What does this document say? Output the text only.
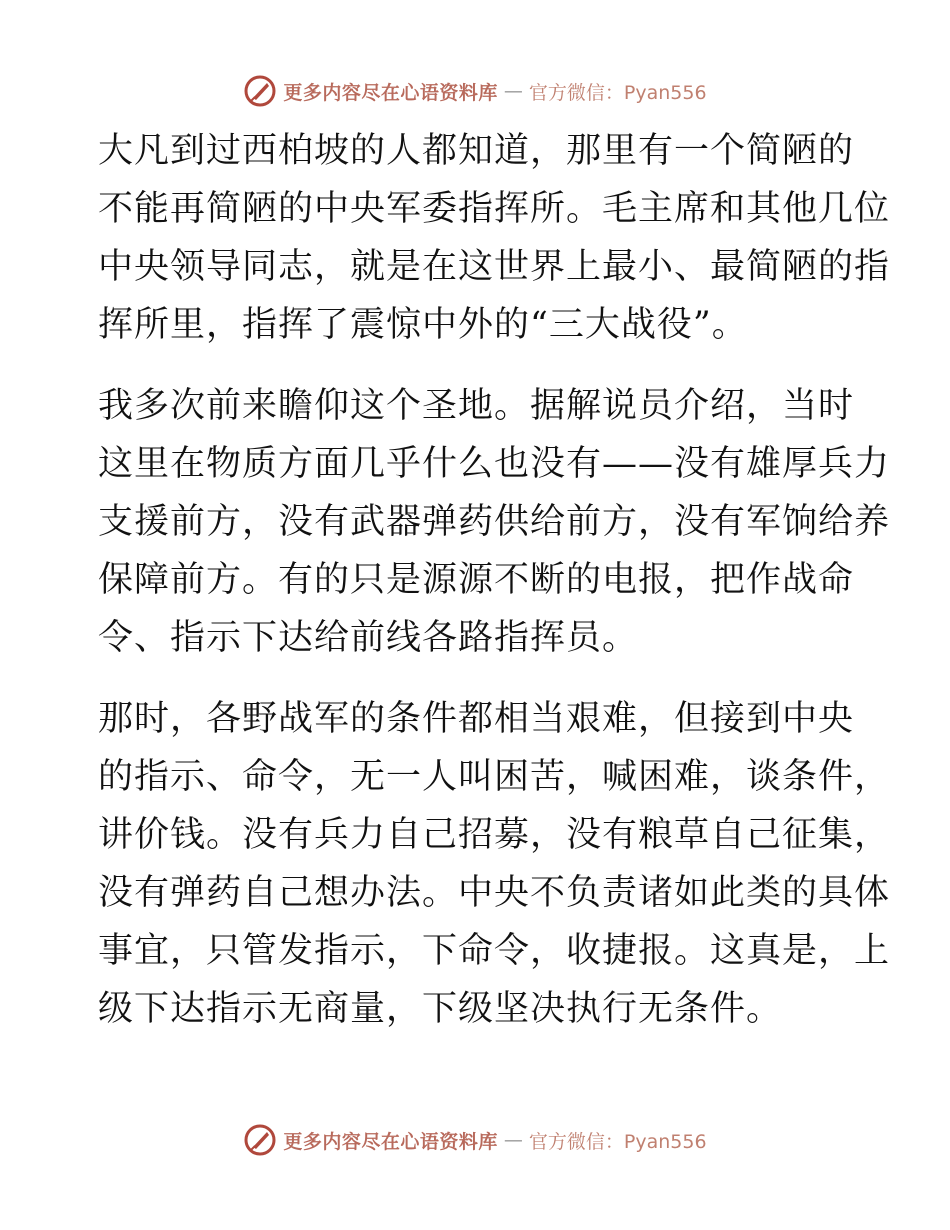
更多内容尽在心语资料库 — 官方微信：Pyan556
大凡到过西柏坡的人都知道，那里有一个简陋的
不能再简陋的中央军委指挥所。毛主席和其他几位
中央领导同志，就是在这世界上最小、最简陋的指
挥所里，指挥了震惊中外的“三大战役”。
我多次前来瞻仰这个圣地。据解说员介绍，当时
这里在物质方面几乎什么也没有——没有雄厚兵力
支援前方，没有武器弹药供给前方，没有军饷给养
保障前方。有的只是源源不断的电报，把作战命
令、指示下达给前线各路指挥员。
那时，各野战军的条件都相当艰难，但接到中央
的指示、命令，无一人叫困苦，喊困难，谈条件，
讲价钱。没有兵力自己招募，没有粮草自己征集，
没有弹药自己想办法。中央不负责诸如此类的具体
事宜，只管发指示，下命令，收捷报。这真是，上
级下达指示无商量，下级坚决执行无条件。
更多内容尽在心语资料库 — 官方微信：Pyan556
